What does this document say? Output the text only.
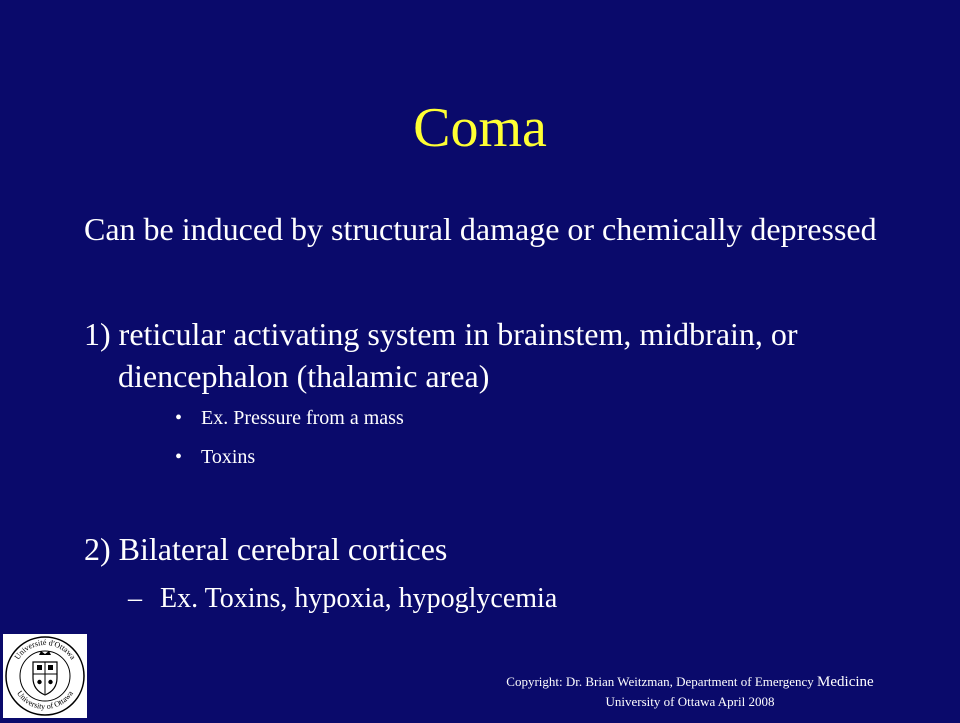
Coma
Can be induced by structural damage or chemically depressed
1) reticular activating system in brainstem, midbrain, or diencephalon (thalamic area)
• Ex. Pressure from a mass
• Toxins
2) Bilateral cerebral cortices
– Ex. Toxins, hypoxia, hypoglycemia
Université d'Ottawa
University of Ottawa
Copyright: Dr. Brian Weitzman, Department of Emergency Medicine
University of Ottawa April 2008
